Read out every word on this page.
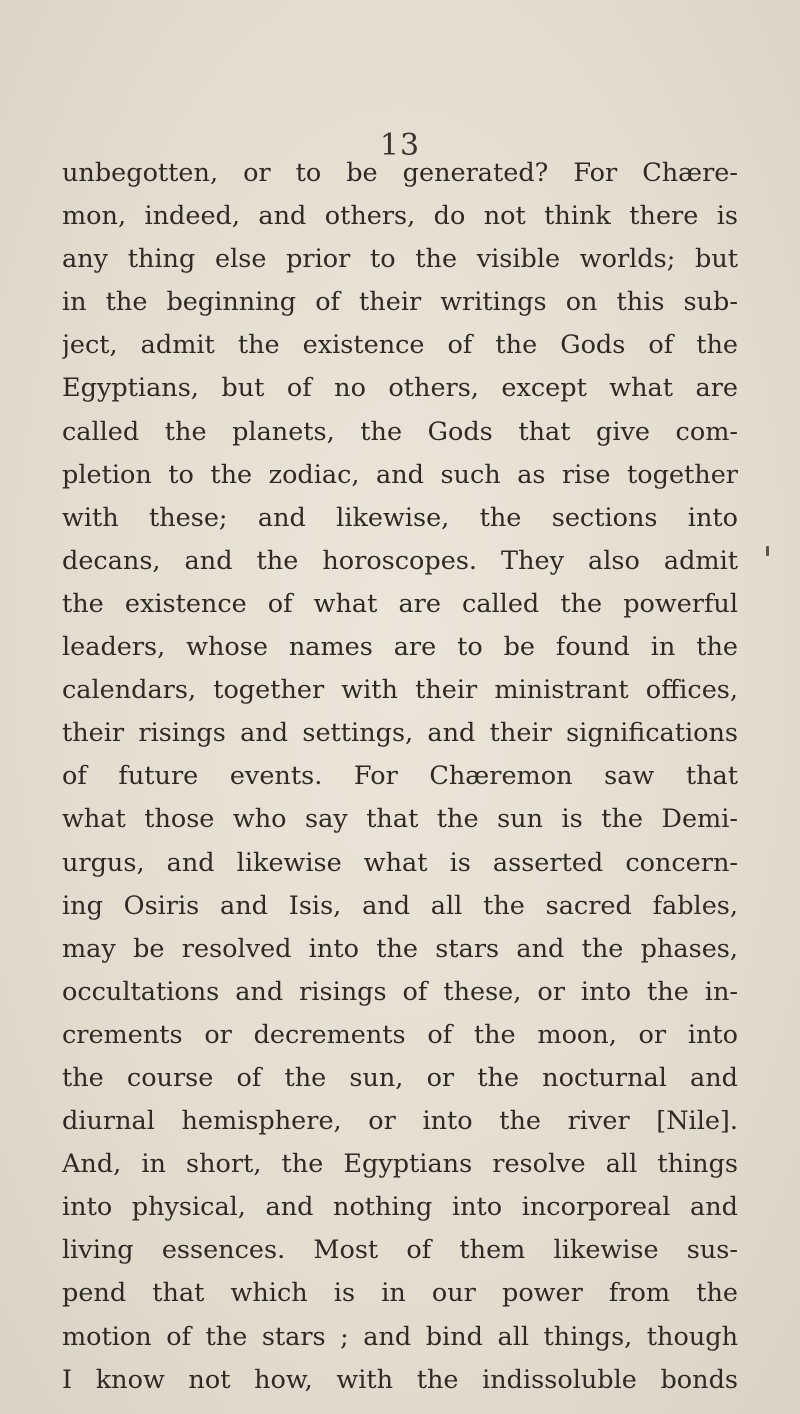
13
unbegotten, or to be generated? For Chære-
mon, indeed, and others, do not think there is
any thing else prior to the visible worlds; but
in the beginning of their writings on this sub-
ject, admit the existence of the Gods of the
Egyptians, but of no others, except what are
called the planets, the Gods that give com-
pletion to the zodiac, and such as rise together
with these; and likewise, the sections into
decans, and the horoscopes. They also admit
the existence of what are called the powerful
leaders, whose names are to be found in the
calendars, together with their ministrant offices,
their risings and settings, and their significations
of future events. For Chæremon saw that
what those who say that the sun is the Demi-
urgus, and likewise what is asserted concern-
ing Osiris and Isis, and all the sacred fables,
may be resolved into the stars and the phases,
occultations and risings of these, or into the in-
crements or decrements of the moon, or into
the course of the sun, or the nocturnal and
diurnal hemisphere, or into the river [Nile].
And, in short, the Egyptians resolve all things
into physical, and nothing into incorporeal and
living essences. Most of them likewise sus-
pend that which is in our power from the
motion of the stars ; and bind all things, though
I know not how, with the indissoluble bonds
